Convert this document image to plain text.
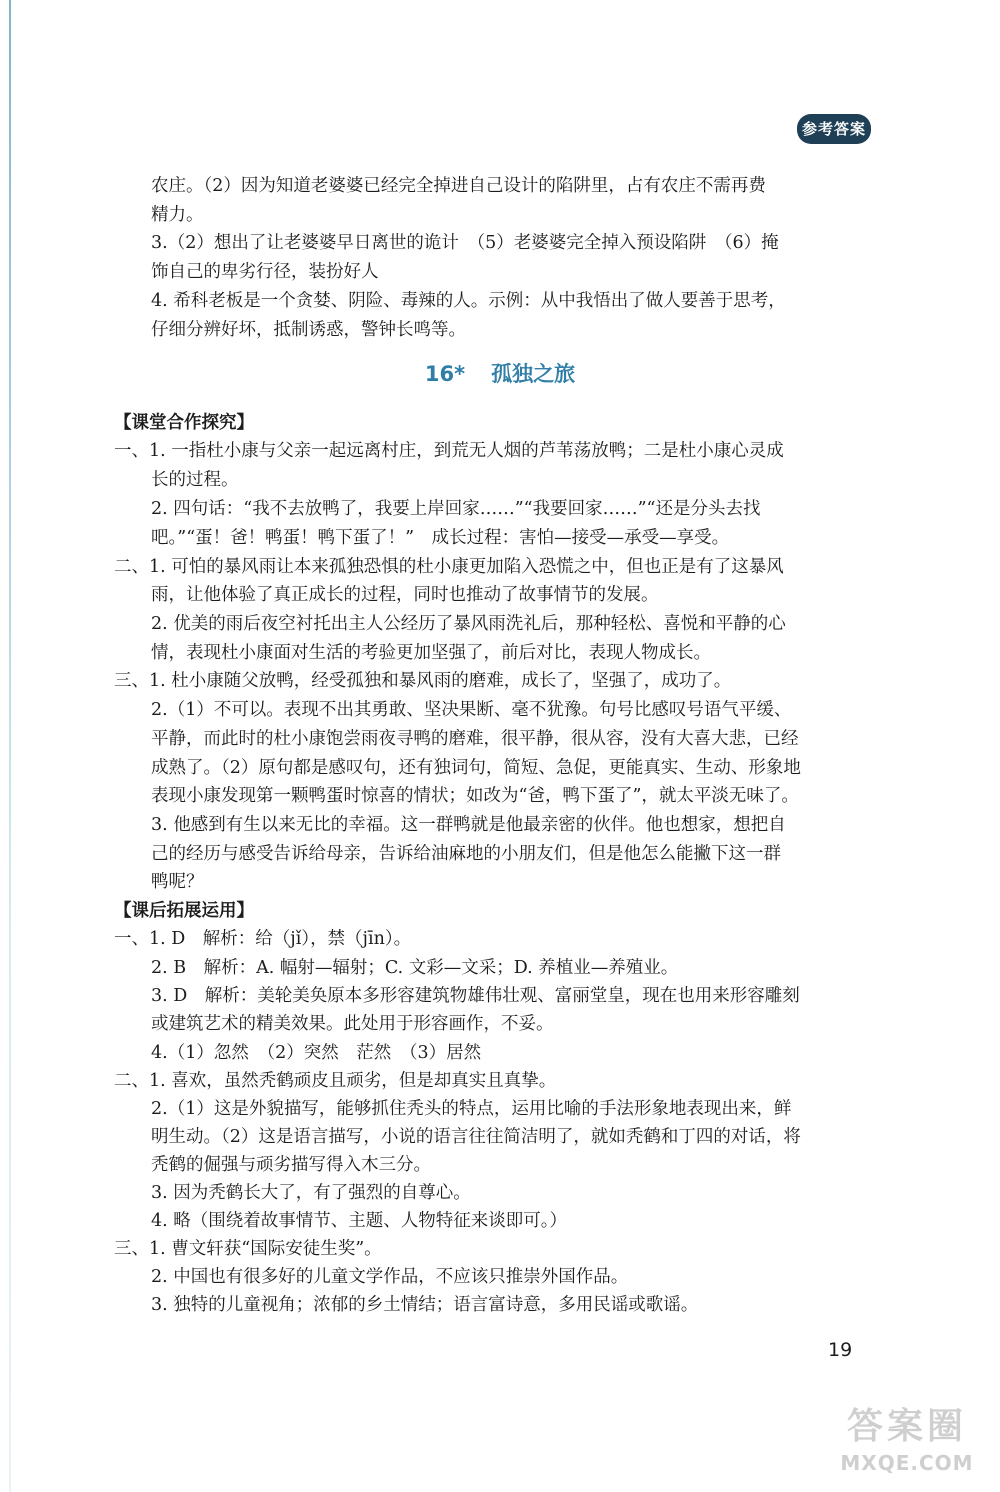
参考答案
农庄。（2）因为知道老婆婆已经完全掉进自己设计的陷阱里，占有农庄不需再费
精力。
3.（2）想出了让老婆婆早日离世的诡计　（5）老婆婆完全掉入预设陷阱　（6）掩
饰自己的卑劣行径，装扮好人
4. 希科老板是一个贪婪、阴险、毒辣的人。示例：从中我悟出了做人要善于思考，
仔细分辨好坏，抵制诱惑，警钟长鸣等。
16* 孤独之旅
【课堂合作探究】
一、1. 一指杜小康与父亲一起远离村庄，到荒无人烟的芦苇荡放鸭；二是杜小康心灵成
长的过程。
2. 四句话：“我不去放鸭了，我要上岸回家……”“我要回家……”“还是分头去找
吧。”“蛋！爸！鸭蛋！鸭下蛋了！”　成长过程：害怕—接受—承受—享受。
二、1. 可怕的暴风雨让本来孤独恐惧的杜小康更加陷入恐慌之中，但也正是有了这暴风
雨，让他体验了真正成长的过程，同时也推动了故事情节的发展。
2. 优美的雨后夜空衬托出主人公经历了暴风雨洗礼后，那种轻松、喜悦和平静的心
情，表现杜小康面对生活的考验更加坚强了，前后对比，表现人物成长。
三、1. 杜小康随父放鸭，经受孤独和暴风雨的磨难，成长了，坚强了，成功了。
2.（1）不可以。表现不出其勇敢、坚决果断、毫不犹豫。句号比感叹号语气平缓、
平静，而此时的杜小康饱尝雨夜寻鸭的磨难，很平静，很从容，没有大喜大悲，已经
成熟了。（2）原句都是感叹句，还有独词句，简短、急促，更能真实、生动、形象地
表现小康发现第一颗鸭蛋时惊喜的情状；如改为“爸，鸭下蛋了”，就太平淡无味了。
3. 他感到有生以来无比的幸福。这一群鸭就是他最亲密的伙伴。他也想家，想把自
己的经历与感受告诉给母亲，告诉给油麻地的小朋友们，但是他怎么能撇下这一群
鸭呢？
【课后拓展运用】
一、1. D　解析：给（jǐ），禁（jīn）。
2. B　解析：A. 幅射—辐射；C. 文彩—文采；D. 养植业—养殖业。
3. D　解析：美轮美奂原本多形容建筑物雄伟壮观、富丽堂皇，现在也用来形容雕刻
或建筑艺术的精美效果。此处用于形容画作，不妥。
4.（1）忽然　（2）突然　茫然　（3）居然
二、1. 喜欢，虽然秃鹤顽皮且顽劣，但是却真实且真挚。
2.（1）这是外貌描写，能够抓住秃头的特点，运用比喻的手法形象地表现出来，鲜
明生动。（2）这是语言描写，小说的语言往往简洁明了，就如秃鹤和丁四的对话，将
秃鹤的倔强与顽劣描写得入木三分。
3. 因为秃鹤长大了，有了强烈的自尊心。
4. 略（围绕着故事情节、主题、人物特征来谈即可。）
三、1. 曹文轩获“国际安徒生奖”。
2. 中国也有很多好的儿童文学作品，不应该只推崇外国作品。
3. 独特的儿童视角；浓郁的乡土情结；语言富诗意，多用民谣或歌谣。
19
答案圈
MXQE.COM
